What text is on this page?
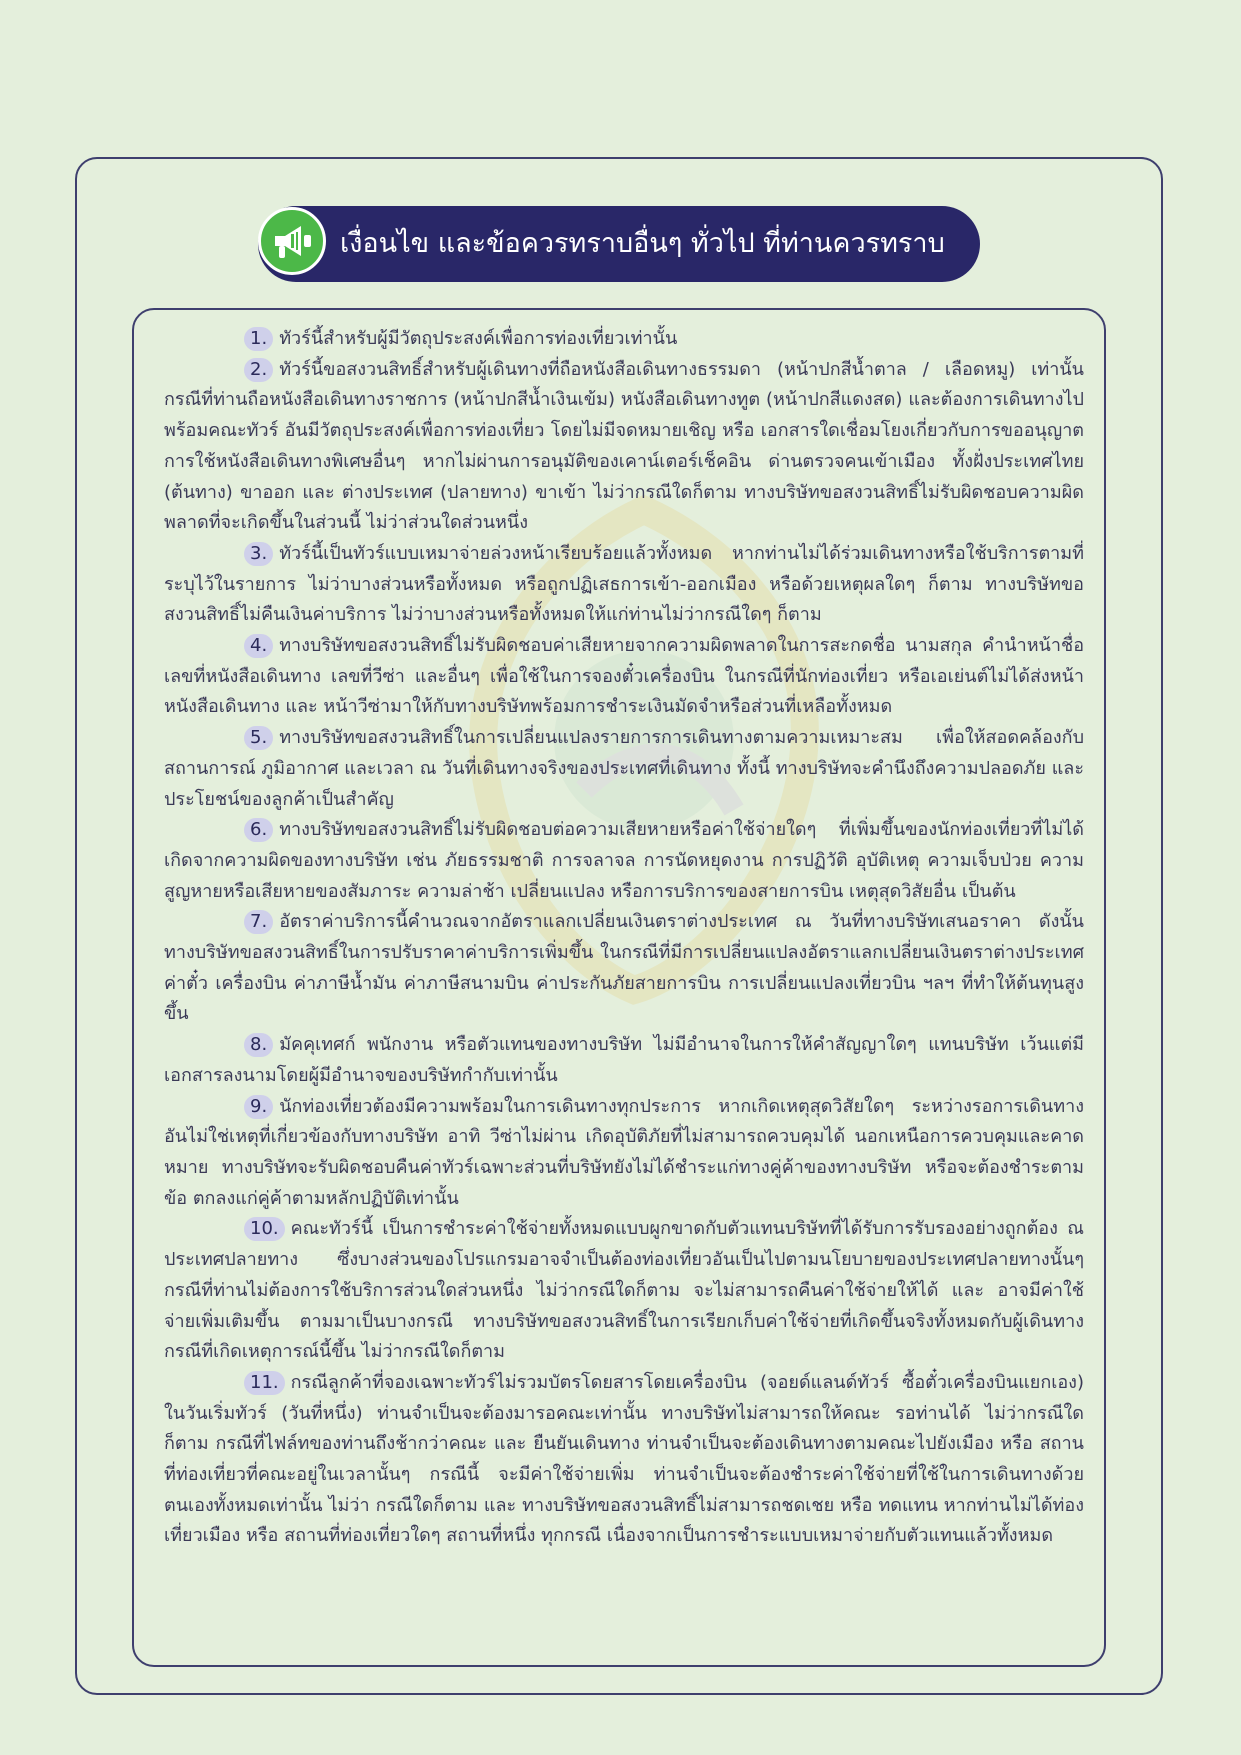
เงื่อนไข และข้อควรทราบอื่นๆ ทั่วไป ที่ท่านควรทราบ

1. ทัวร์นี้สำหรับผู้มีวัตถุประสงค์เพื่อการท่องเที่ยวเท่านั้น

2. ทัวร์นี้ขอสงวนสิทธิ์สำหรับผู้เดินทางที่ถือหนังสือเดินทางธรรมดา (หน้าปกสีน้ำตาล / เลือดหมู) เท่านั้น กรณีที่ท่านถือหนังสือเดินทางราชการ (หน้าปกสีน้ำเงินเข้ม) หนังสือเดินทางทูต (หน้าปกสีแดงสด) และต้องการเดินทางไปพร้อมคณะทัวร์ อันมีวัตถุประสงค์เพื่อการท่องเที่ยว โดยไม่มีจดหมายเชิญ หรือ เอกสารใดเชื่อมโยงเกี่ยวกับการขออนุญาตการใช้หนังสือเดินทางพิเศษอื่นๆ หากไม่ผ่านการอนุมัติของเคาน์เตอร์เช็คอิน ด่านตรวจคนเข้าเมือง ทั้งฝั่งประเทศไทย (ต้นทาง) ขาออก และ ต่างประเทศ (ปลายทาง) ขาเข้า ไม่ว่ากรณีใดก็ตาม ทางบริษัทขอสงวนสิทธิ์ไม่รับผิดชอบความผิดพลาดที่จะเกิดขึ้นในส่วนนี้ ไม่ว่าส่วนใดส่วนหนึ่ง

3. ทัวร์นี้เป็นทัวร์แบบเหมาจ่ายล่วงหน้าเรียบร้อยแล้วทั้งหมด หากท่านไม่ได้ร่วมเดินทางหรือใช้บริการตามที่ระบุไว้ในรายการ ไม่ว่าบางส่วนหรือทั้งหมด หรือถูกปฏิเสธการเข้า-ออกเมือง หรือด้วยเหตุผลใดๆ ก็ตาม ทางบริษัทขอสงวนสิทธิ์ไม่คืนเงินค่าบริการ ไม่ว่าบางส่วนหรือทั้งหมดให้แก่ท่านไม่ว่ากรณีใดๆ ก็ตาม

4. ทางบริษัทขอสงวนสิทธิ์ไม่รับผิดชอบค่าเสียหายจากความผิดพลาดในการสะกดชื่อ นามสกุล คำนำหน้าชื่อ เลขที่หนังสือเดินทาง เลขที่วีซ่า และอื่นๆ เพื่อใช้ในการจองตั๋วเครื่องบิน ในกรณีที่นักท่องเที่ยว หรือเอเย่นต์ไม่ได้ส่งหน้าหนังสือเดินทาง และ หน้าวีซ่ามาให้กับทางบริษัทพร้อมการชำระเงินมัดจำหรือส่วนที่เหลือทั้งหมด

5. ทางบริษัทขอสงวนสิทธิ์ในการเปลี่ยนแปลงรายการการเดินทางตามความเหมาะสม เพื่อให้สอดคล้องกับ สถานการณ์ ภูมิอากาศ และเวลา ณ วันที่เดินทางจริงของประเทศที่เดินทาง ทั้งนี้ ทางบริษัทจะคำนึงถึงความปลอดภัย และ ประโยชน์ของลูกค้าเป็นสำคัญ

6. ทางบริษัทขอสงวนสิทธิ์ไม่รับผิดชอบต่อความเสียหายหรือค่าใช้จ่ายใดๆ ที่เพิ่มขึ้นของนักท่องเที่ยวที่ไม่ได้เกิดจากความผิดของทางบริษัท เช่น ภัยธรรมชาติ การจลาจล การนัดหยุดงาน การปฏิวัติ อุบัติเหตุ ความเจ็บป่วย ความสูญหายหรือเสียหายของสัมภาระ ความล่าช้า เปลี่ยนแปลง หรือการบริการของสายการบิน เหตุสุดวิสัยอื่น เป็นต้น

7. อัตราค่าบริการนี้คำนวณจากอัตราแลกเปลี่ยนเงินตราต่างประเทศ ณ วันที่ทางบริษัทเสนอราคา ดังนั้น ทางบริษัทขอสงวนสิทธิ์ในการปรับราคาค่าบริการเพิ่มขึ้น ในกรณีที่มีการเปลี่ยนแปลงอัตราแลกเปลี่ยนเงินตราต่างประเทศ ค่าตั๋ว เครื่องบิน ค่าภาษีน้ำมัน ค่าภาษีสนามบิน ค่าประกันภัยสายการบิน การเปลี่ยนแปลงเที่ยวบิน ฯลฯ ที่ทำให้ต้นทุนสูงขึ้น

8. มัคคุเทศก์ พนักงาน หรือตัวแทนของทางบริษัท ไม่มีอำนาจในการให้คำสัญญาใดๆ แทนบริษัท เว้นแต่มีเอกสารลงนามโดยผู้มีอำนาจของบริษัทกำกับเท่านั้น

9. นักท่องเที่ยวต้องมีความพร้อมในการเดินทางทุกประการ หากเกิดเหตุสุดวิสัยใดๆ ระหว่างรอการเดินทาง อันไม่ใช่เหตุที่เกี่ยวข้องกับทางบริษัท อาทิ วีซ่าไม่ผ่าน เกิดอุบัติภัยที่ไม่สามารถควบคุมได้ นอกเหนือการควบคุมและคาดหมาย ทางบริษัทจะรับผิดชอบคืนค่าทัวร์เฉพาะส่วนที่บริษัทยังไม่ได้ชำระแก่ทางคู่ค้าของทางบริษัท หรือจะต้องชำระตามข้อ ตกลงแก่คู่ค้าตามหลักปฏิบัติเท่านั้น

10. คณะทัวร์นี้ เป็นการชำระค่าใช้จ่ายทั้งหมดแบบผูกขาดกับตัวแทนบริษัทที่ได้รับการรับรองอย่างถูกต้อง ณ ประเทศปลายทาง ซึ่งบางส่วนของโปรแกรมอาจจำเป็นต้องท่องเที่ยวอันเป็นไปตามนโยบายของประเทศปลายทางนั้นๆ กรณีที่ท่านไม่ต้องการใช้บริการส่วนใดส่วนหนึ่ง ไม่ว่ากรณีใดก็ตาม จะไม่สามารถคืนค่าใช้จ่ายให้ได้ และ อาจมีค่าใช้จ่ายเพิ่มเติมขึ้น ตามมาเป็นบางกรณี ทางบริษัทขอสงวนสิทธิ์ในการเรียกเก็บค่าใช้จ่ายที่เกิดขึ้นจริงทั้งหมดกับผู้เดินทาง กรณีที่เกิดเหตุการณ์นี้ขึ้น ไม่ว่ากรณีใดก็ตาม

11. กรณีลูกค้าที่จองเฉพาะทัวร์ไม่รวมบัตรโดยสารโดยเครื่องบิน (จอยด์แลนด์ทัวร์ ซื้อตั๋วเครื่องบินแยกเอง) ในวันเริ่มทัวร์ (วันที่หนึ่ง) ท่านจำเป็นจะต้องมารอคณะเท่านั้น ทางบริษัทไม่สามารถให้คณะ รอท่านได้ ไม่ว่ากรณีใดก็ตาม กรณีที่ไฟล์ทของท่านถึงช้ากว่าคณะ และ ยืนยันเดินทาง ท่านจำเป็นจะต้องเดินทางตามคณะไปยังเมือง หรือ สถานที่ท่องเที่ยวที่คณะอยู่ในเวลานั้นๆ กรณีนี้ จะมีค่าใช้จ่ายเพิ่ม ท่านจำเป็นจะต้องชำระค่าใช้จ่ายที่ใช้ในการเดินทางด้วยตนเองทั้งหมดเท่านั้น ไม่ว่า กรณีใดก็ตาม และ ทางบริษัทขอสงวนสิทธิ์ไม่สามารถชดเชย หรือ ทดแทน หากท่านไม่ได้ท่องเที่ยวเมือง หรือ สถานที่ท่องเที่ยวใดๆ สถานที่หนึ่ง ทุกกรณี เนื่องจากเป็นการชำระแบบเหมาจ่ายกับตัวแทนแล้วทั้งหมด
